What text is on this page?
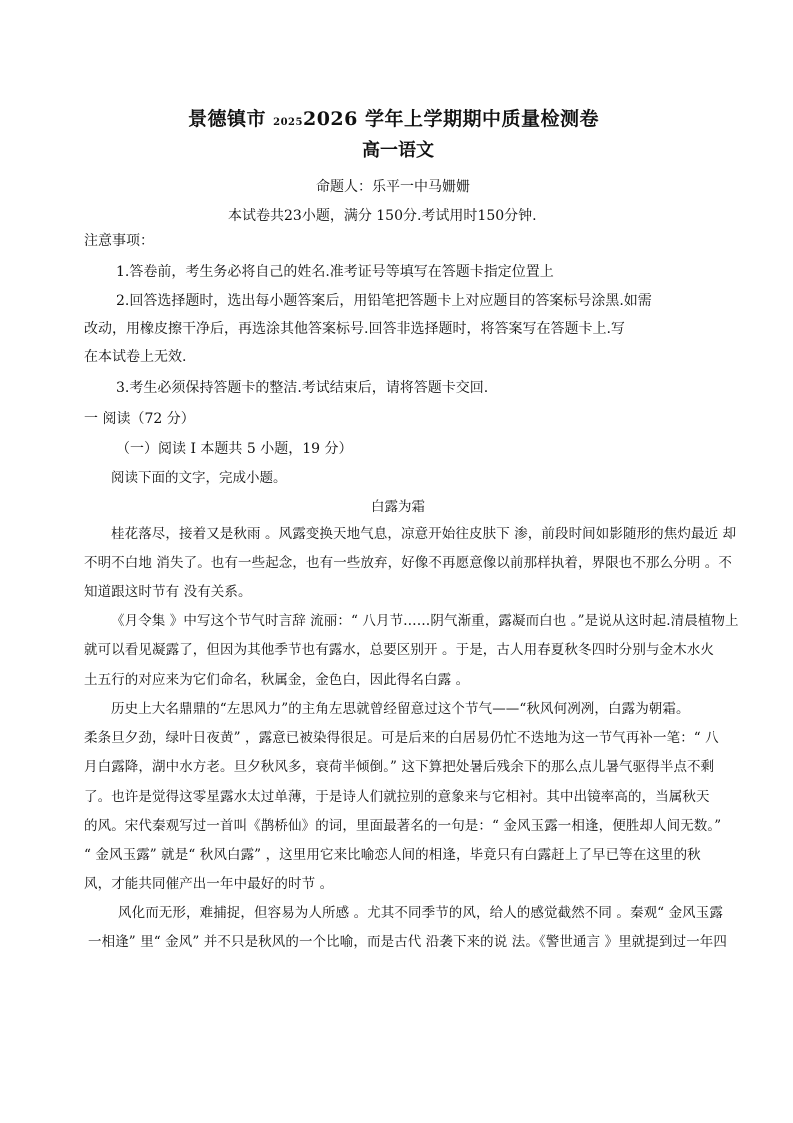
景德镇市 20252026 学年上学期期中质量检测卷
高一语文
命题人：乐平一中马姗姗
本试卷共23小题，满分 150分.考试用时150分钟.
注意事项：
1.答卷前，考生务必将自己的姓名.准考证号等填写在答题卡指定位置上
2.回答选择题时，选出每小题答案后，用铅笔把答题卡上对应题目的答案标号涂黑.如需
改动，用橡皮擦干净后，再选涂其他答案标号.回答非选择题时，将答案写在答题卡上.写
在本试卷上无效.
3.考生必须保持答题卡的整洁.考试结束后，请将答题卡交回.
一 阅读（72 分）
（一）阅读 I 本题共 5 小题，19 分）
阅读下面的文字，完成小题。
白露为霜
桂花落尽，接着又是秋雨 。风露变换天地气息，凉意开始往皮肤下 渗，前段时间如影随形的焦灼最近 却
不明不白地 消失了。也有一些起念，也有一些放弃，好像不再愿意像以前那样执着，界限也不那么分明 。不
知道跟这时节有 没有关系。
《月令集 》中写这个节气时言辞 流丽：“ 八月节……阴气渐重，露凝而白也 。”是说从这时起.清晨植物上
就可以看见凝露了，但因为其他季节也有露水，总要区别开 。于是，古人用春夏秋冬四时分别与金木水火
土五行的对应来为它们命名，秋属金，金色白，因此得名白露 。
历史上大名鼎鼎的“左思风力”的主角左思就曾经留意过这个节气——“秋风何冽冽，白露为朝霜。
柔条旦夕劲，绿叶日夜黄” ，露意已被染得很足。可是后来的白居易仍忙不迭地为这一节气再补一笔：“ 八
月白露降，湖中水方老。旦夕秋风多，衰荷半倾倒。” 这下算把处暑后残余下的那么点儿暑气驱得半点不剩
了。也许是觉得这零星露水太过单薄，于是诗人们就拉别的意象来与它相衬。其中出镜率高的，当属秋天
的风。宋代秦观写过一首叫《鹊桥仙》的词，里面最著名的一句是：“ 金风玉露一相逢，便胜却人间无数。”
“ 金风玉露” 就是“ 秋风白露” ，这里用它来比喻恋人间的相逢，毕竟只有白露赶上了早已等在这里的秋
风，才能共同催产出一年中最好的时节 。
风化而无形，难捕捉，但容易为人所感 。尤其不同季节的风，给人的感觉截然不同 。秦观“ 金风玉露
一相逢” 里“ 金风” 并不只是秋风的一个比喻，而是古代 沿袭下来的说 法。《警世通言 》里就提到过一年四
